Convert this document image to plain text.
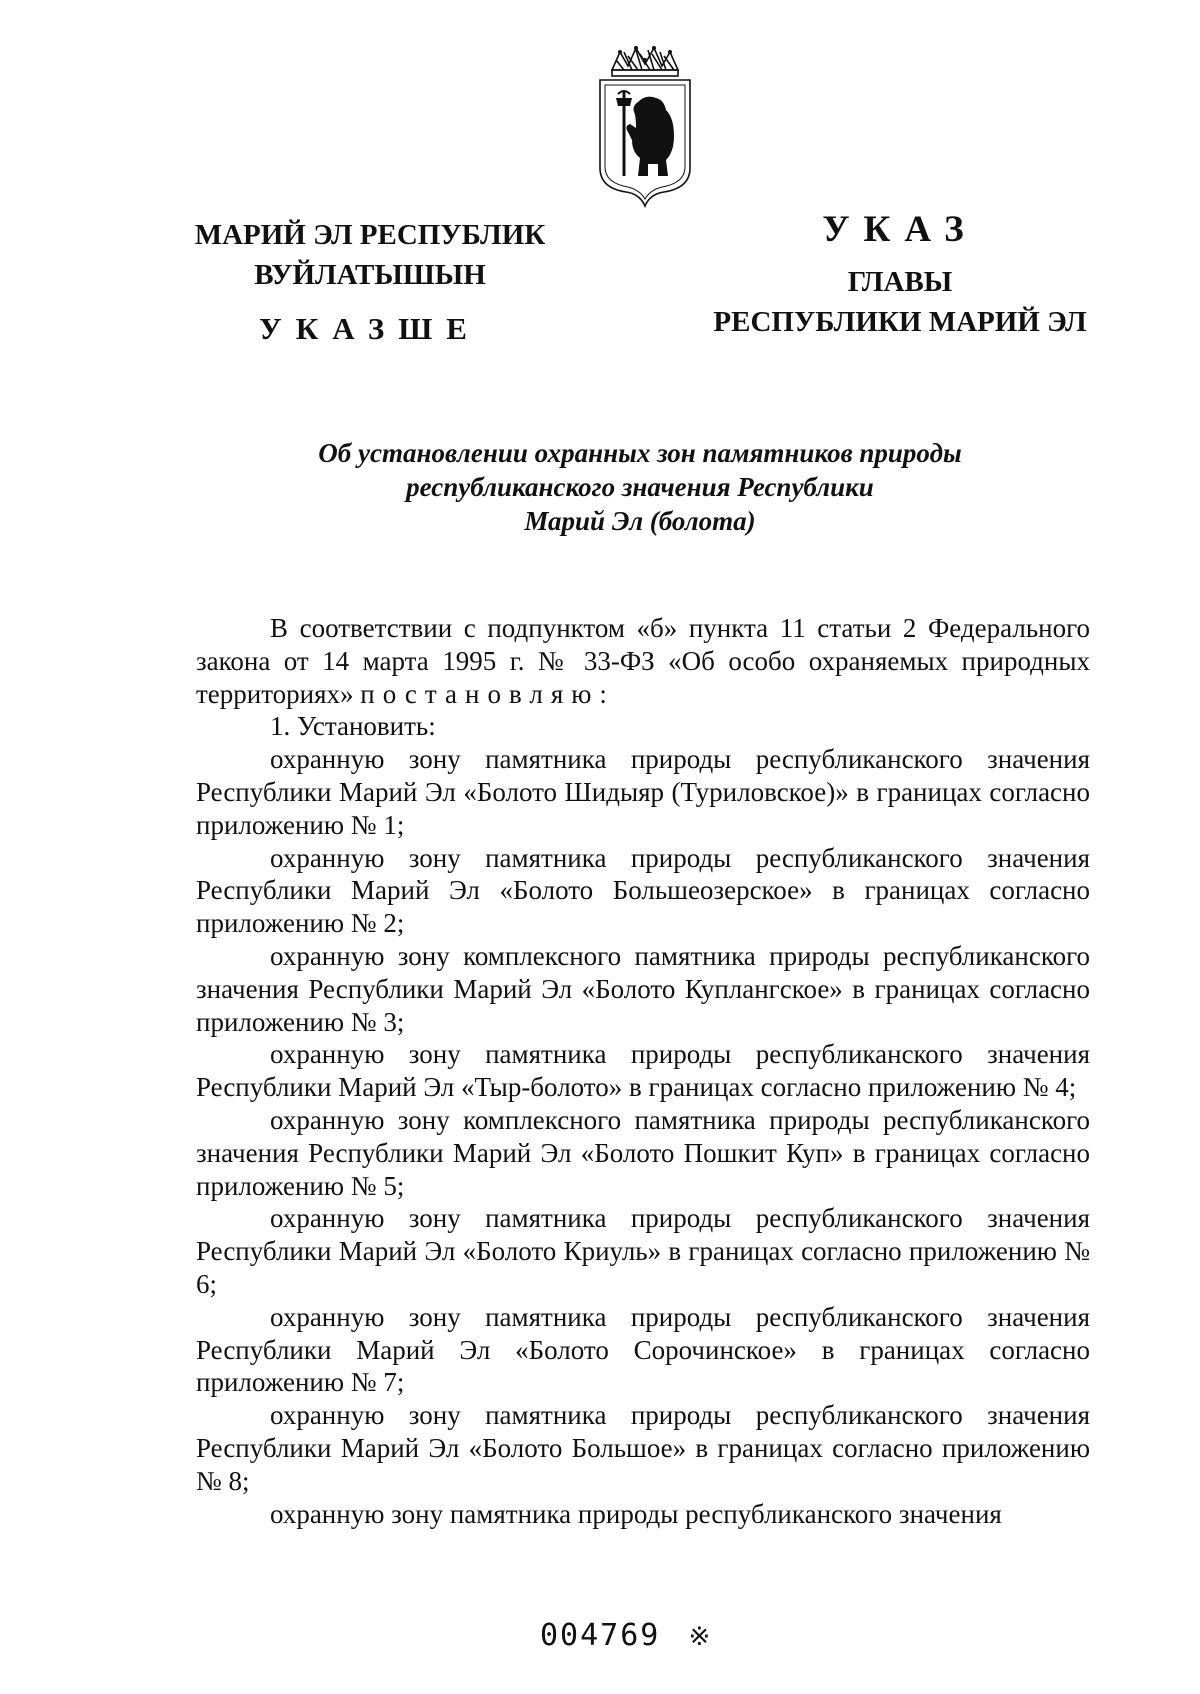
МАРИЙ ЭЛ РЕСПУБЛИК
ВУЙЛАТЫШЫН
УКАЗШЕ
УКАЗ
ГЛАВЫ
РЕСПУБЛИКИ МАРИЙ ЭЛ
Об установлении охранных зон памятников природы
республиканского значения Республики
Марий Эл (болота)

В соответствии с подпунктом «б» пункта 11 статьи 2 Федерального закона от 14 марта 1995 г. № 33-ФЗ «Об особо охраняемых природных территориях» постановляю:

1. Установить:

охранную зону памятника природы республиканского значения Республики Марий Эл «Болото Шидыяр (Туриловское)» в границах согласно приложению № 1;

охранную зону памятника природы республиканского значения Республики Марий Эл «Болото Большеозерское» в границах согласно приложению № 2;

охранную зону комплексного памятника природы республиканского значения Республики Марий Эл «Болото Куплангское» в границах согласно приложению № 3;

охранную зону памятника природы республиканского значения Республики Марий Эл «Тыр-болото» в границах согласно приложению № 4;

охранную зону комплексного памятника природы республиканского значения Республики Марий Эл «Болото Пошкит Куп» в границах согласно приложению № 5;

охранную зону памятника природы республиканского значения Республики Марий Эл «Болото Криуль» в границах согласно приложению № 6;

охранную зону памятника природы республиканского значения Республики Марий Эл «Болото Сорочинское» в границах согласно приложению № 7;

охранную зону памятника природы республиканского значения Республики Марий Эл «Болото Большое» в границах согласно приложению № 8;

охранную зону памятника природы республиканского значения

004769 ※
